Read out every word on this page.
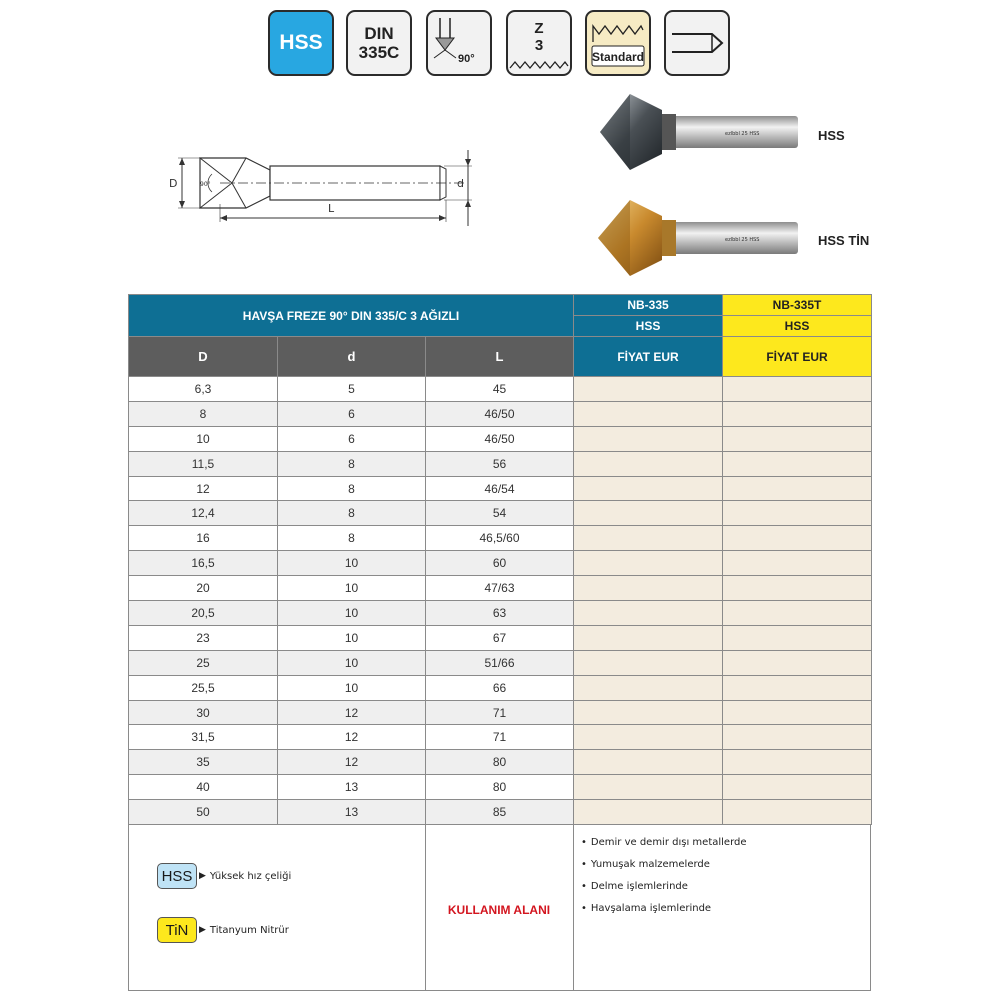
HSS DIN
335C	90°
Z
3
Standard
90°
D	d
L
ezlbbl 25 HSS	HSS
ezlbbl 25 HSS	HSS TİN
HAVŞA FREZE 90° DIN 335/C 3 AĞIZLI			NB-335	NB-335T
			HSS	HSS
D	d	L	FİYAT EUR	FİYAT EUR
6,3	5	45		
8	6	46/50		
10	6	46/50		
11,5	8	56		
12	8	46/54		
12,4	8	54		
16	8	46,5/60		
16,5	10	60		
20	10	47/63		
20,5	10	63		
23	10	67		
25	10	51/66		
25,5	10	66		
30	12	71		
31,5	12	71		
35	12	80		
40	13	80		
50	13	85		
HSS ▶ Yüksek hız çeliği
TiN	▶ Titanyum Nitrür
KULLANIM ALANI
• Demir ve demir dışı metallerde
• Yumuşak malzemelerde
• Delme işlemlerinde
• Havşalama işlemlerinde
